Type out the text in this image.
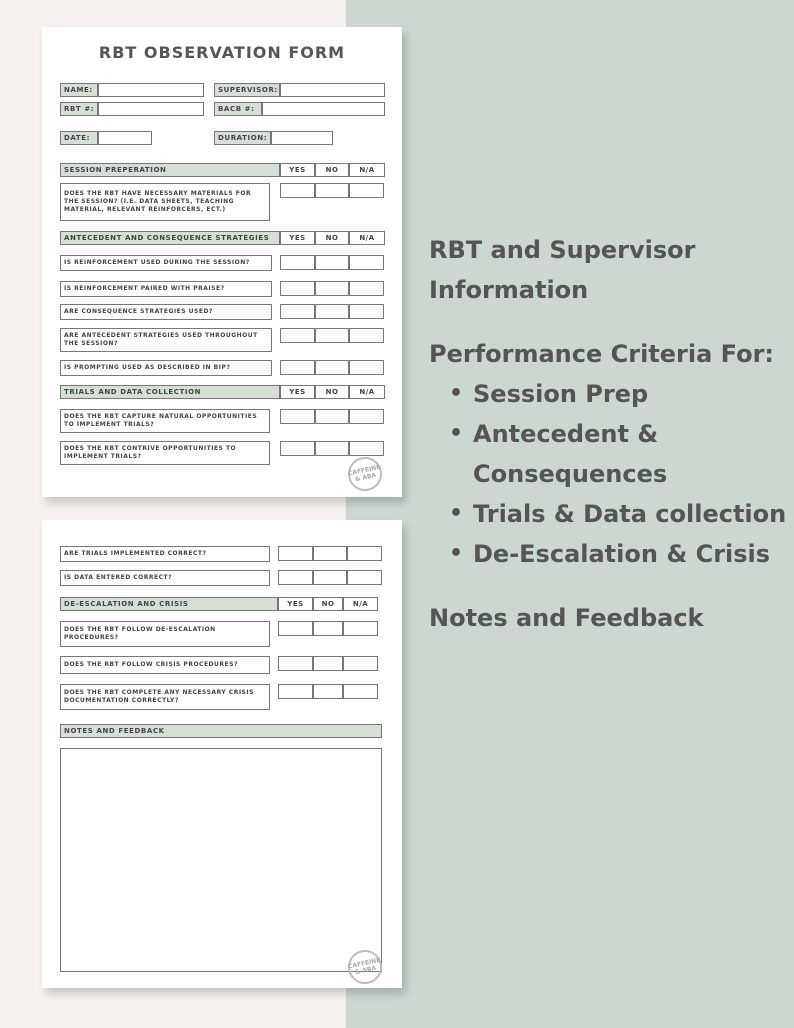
RBT OBSERVATION FORM
NAME:	SUPERVISOR:
RBT #:	BACB #:
DATE:	DURATION:
SESSION PREPERATION	YES	NO	N/A
DOES THE RBT HAVE NECESSARY MATERIALS FOR THE SESSION? (I.E. DATA SHEETS, TEACHING MATERIAL, RELEVANT REINFORCERS, ECT.)
ANTECEDENT AND CONSEQUENCE STRATEGIES	YES	NO	N/A
IS REINFORCEMENT USED DURING THE SESSION?
IS REINFORCEMENT PAIRED WITH PRAISE?
ARE CONSEQUENCE STRATEGIES USED?
ARE ANTECEDENT STRATEGIES USED THROUGHOUT THE SESSION?
IS PROMPTING USED AS DESCRIBED IN BIP?
TRIALS AND DATA COLLECTION	YES	NO	N/A
DOES THE RBT CAPTURE NATURAL OPPORTUNITIES TO IMPLEMENT TRIALS?
DOES THE RBT CONTRIVE OPPORTUNITIES TO IMPLEMENT TRIALS?
CAFFEINE & ABA
ARE TRIALS IMPLEMENTED CORRECT?
IS DATA ENTERED CORRECT?
DE-ESCALATION AND CRISIS	YES	NO	N/A
DOES THE RBT FOLLOW DE-ESCALATION PROCEDURES?
DOES THE RBT FOLLOW CRISIS PROCEDURES?
DOES THE RBT COMPLETE ANY NECESSARY CRISIS DOCUMENTATION CORRECTLY?
NOTES AND FEEDBACK
CAFFEINE & ABA
RBT and Supervisor Information
Performance Criteria For:
• Session Prep
• Antecedent & Consequences
• Trials & Data collection
• De-Escalation & Crisis
Notes and Feedback
